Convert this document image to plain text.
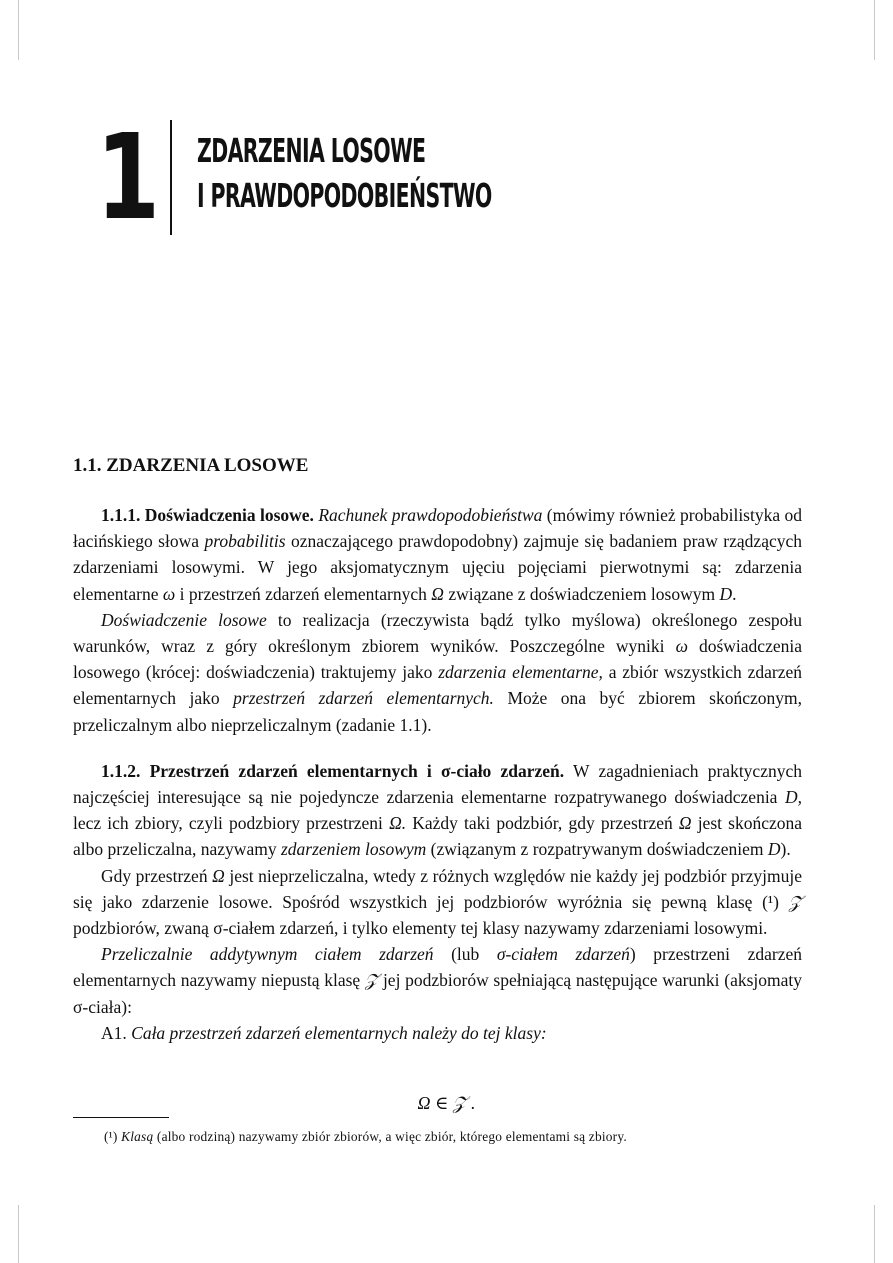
1 ZDARZENIA LOSOWE
I PRAWDOPODOBIEŃSTWO
1.1. ZDARZENIA LOSOWE

1.1.1. Doświadczenia losowe. Rachunek prawdopodobieństwa (mówimy również probabilistyka od łacińskiego słowa probabilitis oznaczającego prawdopodobny) zajmuje się badaniem praw rządzących zdarzeniami losowymi. W jego aksjomatycznym ujęciu pojęciami pierwotnymi są: zdarzenia elementarne ω i przestrzeń zdarzeń elementarnych Ω związane z doświadczeniem losowym D.

Doświadczenie losowe to realizacja (rzeczywista bądź tylko myślowa) określonego zespołu warunków, wraz z góry określonym zbiorem wyników. Poszczególne wyniki ω doświadczenia losowego (krócej: doświadczenia) traktujemy jako zdarzenia elementarne, a zbiór wszystkich zdarzeń elementarnych jako przestrzeń zdarzeń elementarnych. Może ona być zbiorem skończonym, przeliczalnym albo nieprzeliczalnym (zadanie 1.1).

1.1.2. Przestrzeń zdarzeń elementarnych i σ-ciało zdarzeń. W zagadnieniach praktycznych najczęściej interesujące są nie pojedyncze zdarzenia elementarne rozpatrywanego doświadczenia D, lecz ich zbiory, czyli podzbiory przestrzeni Ω. Każdy taki podzbiór, gdy przestrzeń Ω jest skończona albo przeliczalna, nazywamy zdarzeniem losowym (związanym z rozpatrywanym doświadczeniem D).

Gdy przestrzeń Ω jest nieprzeliczalna, wtedy z różnych względów nie każdy jej podzbiór przyjmuje się jako zdarzenie losowe. Spośród wszystkich jej podzbiorów wyróżnia się pewną klasę (¹) 𝒵 podzbiorów, zwaną σ-ciałem zdarzeń, i tylko elementy tej klasy nazywamy zdarzeniami losowymi.

Przeliczalnie addytywnym ciałem zdarzeń (lub σ-ciałem zdarzeń) przestrzeni zdarzeń elementarnych nazywamy niepustą klasę 𝒵 jej podzbiorów spełniającą następujące warunki (aksjomaty σ-ciała):

A1. Cała przestrzeń zdarzeń elementarnych należy do tej klasy:

Ω ∈ 𝒵 .
(¹) Klasą (albo rodziną) nazywamy zbiór zbiorów, a więc zbiór, którego elementami są zbiory.
